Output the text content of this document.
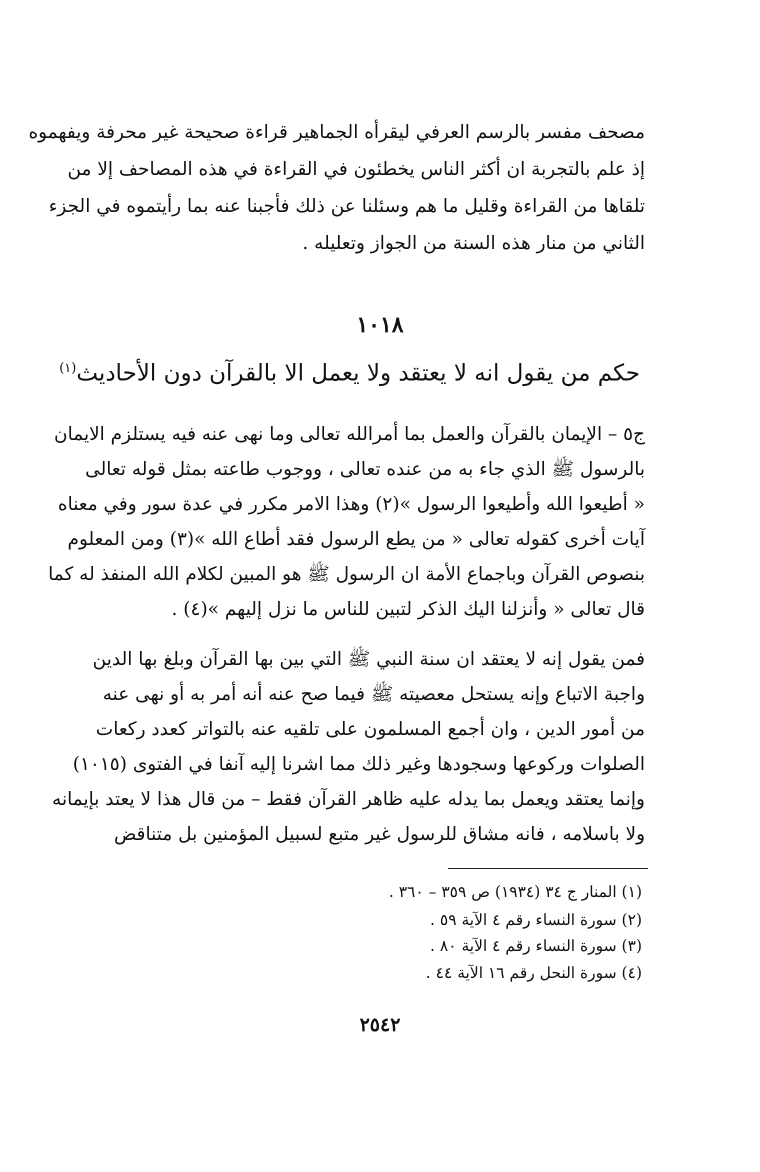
مصحف مفسر بالرسم العرفي ليقرأه الجماهير قراءة صحيحة غير محرفة ويفهموه
إذ علم بالتجربة ان أكثر الناس يخطئون في القراءة في هذه المصاحف إلا من
تلقاها من القراءة وقليل ما هم وسئلنا عن ذلك فأجبنا عنه بما رأيتموه في الجزء
الثاني من منار هذه السنة من الجواز وتعليله .
١٠١٨
حكم من يقول انه لا يعتقد ولا يعمل الا بالقرآن دون الأحاديث$^{(١)}$
ج٥ – الإيمان بالقرآن والعمل بما أمرالله تعالى وما نهى عنه فيه يستلزم الايمان
بالرسول ﷺ الذي جاء به من عنده تعالى ، ووجوب طاعته بمثل قوله تعالى
« أطيعوا الله وأطيعوا الرسول »(٢) وهذا الامر مكرر في عدة سور وفي معناه
آيات أخرى كقوله تعالى « من يطع الرسول فقد أطاع الله »(٣) ومن المعلوم
بنصوص القرآن وباجماع الأمة ان الرسول ﷺ هو المبين لكلام الله المنفذ له كما
قال تعالى « وأنزلنا اليك الذكر لتبين للناس ما نزل إليهم »(٤) .
فمن يقول إنه لا يعتقد ان سنة النبي ﷺ التي بين بها القرآن وبلغ بها الدين
واجبة الاتباع وإنه يستحل معصيته ﷺ فيما صح عنه أنه أمر به أو نهى عنه
من أمور الدين ، وان أجمع المسلمون على تلقيه عنه بالتواتر كعدد ركعات
الصلوات وركوعها وسجودها وغير ذلك مما اشرنا إليه آنفا في الفتوى (١٠١٥)
وإنما يعتقد ويعمل بما يدله عليه ظاهر القرآن فقط – من قال هذا لا يعتد بإيمانه
ولا باسلامه ، فانه مشاق للرسول غير متبع لسبيل المؤمنين بل متناقض
(١) المنار ج ٣٤ (١٩٣٤) ص ٣٥٩ – ٣٦٠ .
(٢) سورة النساء رقم ٤ الآية ٥٩ .
(٣) سورة النساء رقم ٤ الآية ٨٠ .
(٤) سورة النحل رقم ١٦ الآية ٤٤ .
٢٥٤٢
